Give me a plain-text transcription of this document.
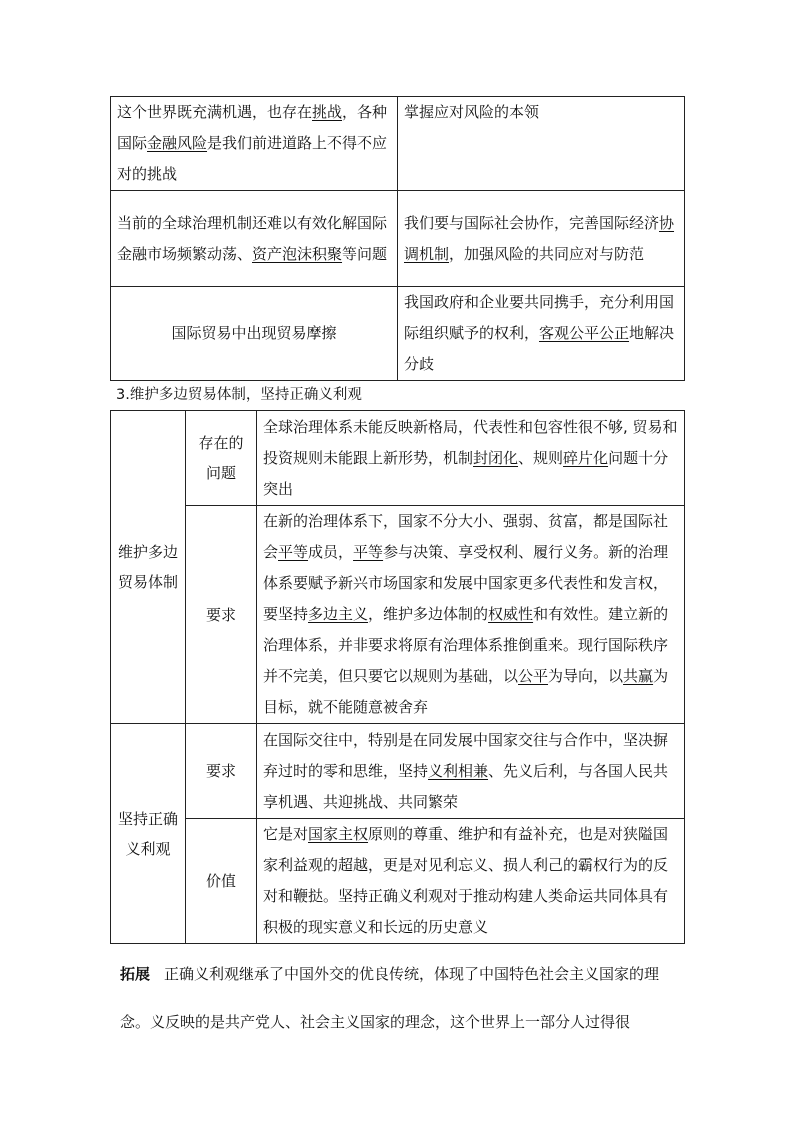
这个世界既充满机遇，也存在挑战，各种国际金融风险是我们前进道路上不得不应对的挑战	掌握应对风险的本领
当前的全球治理机制还难以有效化解国际金融市场频繁动荡、资产泡沫积聚等问题	我们要与国际社会协作，完善国际经济协调机制，加强风险的共同应对与防范
国际贸易中出现贸易摩擦	我国政府和企业要共同携手，充分利用国际组织赋予的权利，客观公平公正地解决分歧
3.维护多边贸易体制，坚持正确义利观
维护多边贸易体制	存在的问题	全球治理体系未能反映新格局，代表性和包容性很不够, 贸易和投资规则未能跟上新形势，机制封闭化、规则碎片化问题十分突出
	要求	在新的治理体系下，国家不分大小、强弱、贫富，都是国际社会平等成员，平等参与决策、享受权利、履行义务。新的治理体系要赋予新兴市场国家和发展中国家更多代表性和发言权，要坚持多边主义，维护多边体制的权威性和有效性。建立新的治理体系，并非要求将原有治理体系推倒重来。现行国际秩序并不完美，但只要它以规则为基础，以公平为导向，以共赢为目标，就不能随意被舍弃

坚持正确义利观	要求	在国际交往中，特别是在同发展中国家交往与合作中，坚决摒弃过时的零和思维，坚持义利相兼、先义后利，与各国人民共享机遇、共迎挑战、共同繁荣
	价值	它是对国家主权原则的尊重、维护和有益补充，也是对狭隘国家利益观的超越，更是对见利忘义、损人利己的霸权行为的反对和鞭挞。坚持正确义利观对于推动构建人类命运共同体具有积极的现实意义和长远的历史意义
拓展 正确义利观继承了中国外交的优良传统，体现了中国特色社会主义国家的理念。义反映的是共产党人、社会主义国家的理念，这个世界上一部分人过得很
